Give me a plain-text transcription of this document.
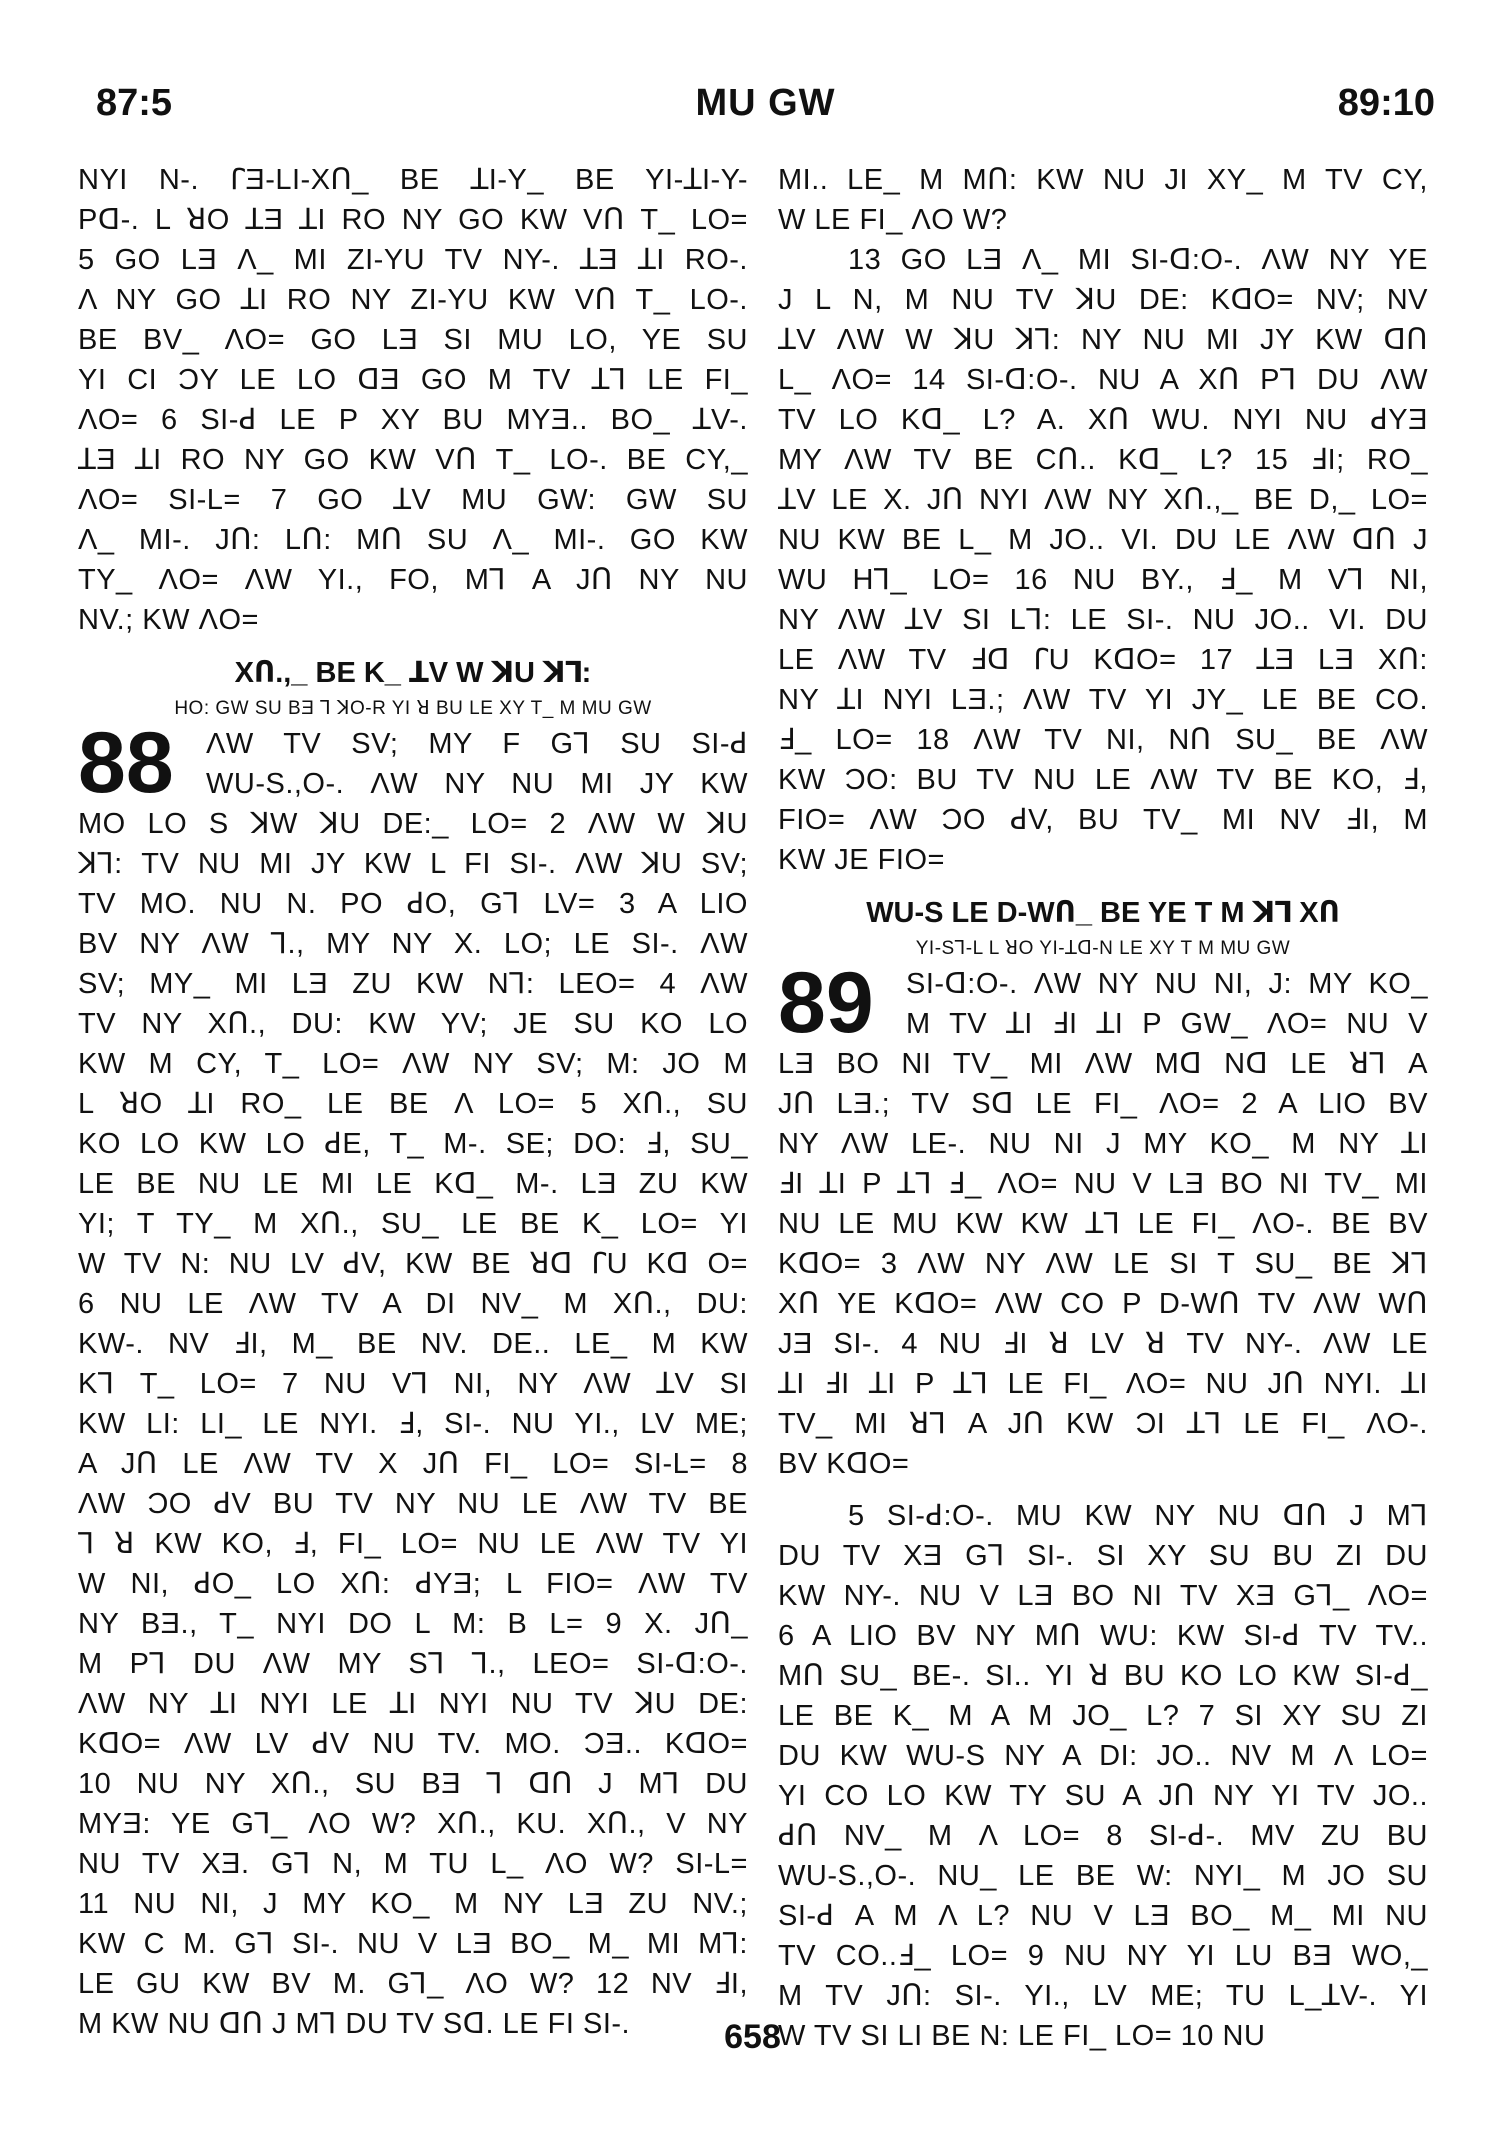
87:5	MU GW	89:10
NYI N-. ꓩƎ-LI-XՈ_ BE ꓕI-Y_ BE YI-ꓕI-Y-
Pꓷ-. L ꓤO ꓕƎ ꓕI RO NY GO KW VՈ T_ LO=
5 GO LƎ Λ_ MI ZI-YU TV NY-. ꓕƎ ꓕI RO-.
Λ NY GO ꓕI RO NY ZI-YU KW VՈ T_ LO-.
BE BV_ ΛO= GO LƎ SI MU LO, YE SU
YI CI ƆY LE LO ꓷƎ GO M TV ꓕꓶ LE FI_
ΛO= 6 SI-ꓒ LE P XY BU MYƎ.. BO_ ꓕV-.
ꓕƎ ꓕI RO NY GO KW VՈ T_ LO-. BE CY,_
ΛO= SI-L= 7 GO ꓕV MU GW: GW SU
Λ_ MI-. JՈ: LՈ: MՈ SU Λ_ MI-. GO KW
TY_ ΛO= ΛW YI., FO, Mꓶ A JՈ NY NU
NV.; KW ΛO=
XՈ.,_ BE K_ ꓕV W ꓘU ꓘꓶ:
HO: GW SU BƎ ꓶ ꓘO-R YI ꓤ BU LE XY T_ M MU GW
88	ΛW TV SV; MY F Gꓶ SU SI-ꓒ
WU-S.,O-. ΛW NY NU MI JY KW
MO LO S ꓘW ꓘU DE:_ LO= 2 ΛW W ꓘU
ꓘꓶ: TV NU MI JY KW L FI SI-. ΛW ꓘU SV;
TV MO. NU N. PO ꓒO, Gꓶ LV= 3 A LIO
BV NY ΛW ꓶ., MY NY X. LO; LE SI-. ΛW
SV; MY_ MI LƎ ZU KW Nꓶ: LEO= 4 ΛW
TV NY XՈ., DU: KW YV; JE SU KO LO
KW M CY, T_ LO= ΛW NY SV; M: JO M
L ꓤO ꓕI RO_ LE BE Λ LO= 5 XՈ., SU
KO LO KW LO ꓒE, T_ M-. SE; DO: ꓞ, SU_
LE BE NU LE MI LE Kꓷ_ M-. LƎ ZU KW
YI; T TY_ M XՈ., SU_ LE BE K_ LO= YI
W TV N: NU LV ꓒV, KW BE ꓤꓷ ꓩU Kꓷ O=
6 NU LE ΛW TV A DI NV_ M XՈ., DU:
KW-. NV ꓞI, M_ BE NV. DE.. LE_ M KW
Kꓶ T_ LO= 7 NU Vꓶ NI, NY ΛW ꓕV SI
KW LI: LI_ LE NYI. ꓞ, SI-. NU YI., LV ME;
A JՈ LE ΛW TV X JՈ FI_ LO= SI-L= 8
ΛW ƆO ꓒV BU TV NY NU LE ΛW TV BE
ꓶ ꓤ KW KO, ꓞ, FI_ LO= NU LE ΛW TV YI
W NI, ꓒO_ LO XՈ: ꓒYƎ; L FIO= ΛW TV
NY BƎ., T_ NYI DO L M: B L= 9 X. JՈ_
M Pꓶ DU ΛW MY Sꓶ ꓶ., LEO= SI-ꓷ:O-.
ΛW NY ꓕI NYI LE ꓕI NYI NU TV ꓘU DE:
KꓷO= ΛW LV ꓒV NU TV. MO. ƆƎ.. KꓷO=
10 NU NY XՈ., SU BƎ ꓶ ꓷՈ J Mꓶ DU
MYƎ: YE Gꓶ_ ΛO W? XՈ., KU. XՈ., V NY
NU TV XƎ. Gꓶ N, M TU L_ ΛO W? SI-L=
11 NU NI, J MY KO_ M NY LƎ ZU NV.;
KW C M. Gꓶ SI-. NU V LƎ BO_ M_ MI Mꓶ:
LE GU KW BV M. Gꓶ_ ΛO W? 12 NV ꓞI,
M KW NU ꓷՈ J Mꓶ DU TV Sꓷ. LE FI SI-.
MI.. LE_ M MՈ: KW NU JI XY_ M TV CY,
W LE FI_ ΛO W?
13 GO LƎ Λ_ MI SI-ꓷ:O-. ΛW NY YE
J L N, M NU TV ꓘU DE: KꓷO= NV; NV
ꓕV ΛW W ꓘU ꓘꓶ: NY NU MI JY KW ꓷՈ
L_ ΛO= 14 SI-ꓷ:O-. NU A XՈ Pꓶ DU ΛW
TV LO Kꓷ_ L? A. XՈ WU. NYI NU ꓒYƎ
MY ΛW TV BE CՈ.. Kꓷ_ L? 15 ꓞI; RO_
ꓕV LE X. JՈ NYI ΛW NY XՈ.,_ BE D,_ LO=
NU KW BE L_ M JO.. VI. DU LE ΛW ꓷՈ J
WU Hꓶ_ LO= 16 NU BY., ꓞ_ M Vꓶ NI,
NY ΛW ꓕV SI Lꓶ: LE SI-. NU JO.. VI. DU
LE ΛW TV ꓞꓷ ꓩU KꓷO= 17 ꓕƎ LƎ XՈ:
NY ꓕI NYI LƎ.; ΛW TV YI JY_ LE BE CO.
ꓞ_ LO= 18 ΛW TV NI, NՈ SU_ BE ΛW
KW ƆO: BU TV NU LE ΛW TV BE KO, ꓞ,
FIO= ΛW ƆO ꓒV, BU TV_ MI NV ꓞI, M
KW JE FIO=
WU-S LE D-WՈ_ BE YE T M ꓘꓶ XՈ
YI-Sꓶ-L L ꓤO YI-ꓕꓷ-N LE XY T M MU GW
89	SI-ꓷ:O-. ΛW NY NU NI, J: MY KO_
M TV ꓕI ꓞI ꓕI P GW_ ΛO= NU V
LƎ BO NI TV_ MI ΛW Mꓷ Nꓷ LE ꓤꓶ A
JՈ LƎ.; TV Sꓷ LE FI_ ΛO= 2 A LIO BV
NY ΛW LE-. NU NI J MY KO_ M NY ꓕI
ꓞI ꓕI P ꓕꓶ ꓞ_ ΛO= NU V LƎ BO NI TV_ MI
NU LE MU KW KW ꓕꓶ LE FI_ ΛO-. BE BV
KꓷO= 3 ΛW NY ΛW LE SI T SU_ BE ꓘꓶ
XՈ YE KꓷO= ΛW CO P D-WՈ TV ΛW WՈ
JƎ SI-. 4 NU ꓞI ꓤ LV ꓤ TV NY-. ΛW LE
ꓕI ꓞI ꓕI P ꓕꓶ LE FI_ ΛO= NU JՈ NYI. ꓕI
TV_ MI ꓤꓶ A JՈ KW ƆI ꓕꓶ LE FI_ ΛO-.
BV KꓷO=
5 SI-ꓒ:O-. MU KW NY NU ꓷՈ J Mꓶ
DU TV XƎ Gꓶ SI-. SI XY SU BU ZI DU
KW NY-. NU V LƎ BO NI TV XƎ Gꓶ_ ΛO=
6 A LIO BV NY MՈ WU: KW SI-ꓒ TV TV..
MՈ SU_ BE-. SI.. YI ꓤ BU KO LO KW SI-ꓒ_
LE BE K_ M A M JO_ L? 7 SI XY SU ZI
DU KW WU-S NY A DI: JO.. NV M Λ LO=
YI CO LO KW TY SU A JՈ NY YI TV JO..
ꓒՈ NV_ M Λ LO= 8 SI-ꓒ-. MV ZU BU
WU-S.,O-. NU_ LE BE W: NYI_ M JO SU
SI-ꓒ A M Λ L? NU V LƎ BO_ M_ MI NU
TV CO..ꓞ_ LO= 9 NU NY YI LU BƎ WO,_
M TV JՈ: SI-. YI., LV ME; TU L_ꓕV-. YI
W TV SI LI BE N: LE FI_ LO= 10 NU
658
